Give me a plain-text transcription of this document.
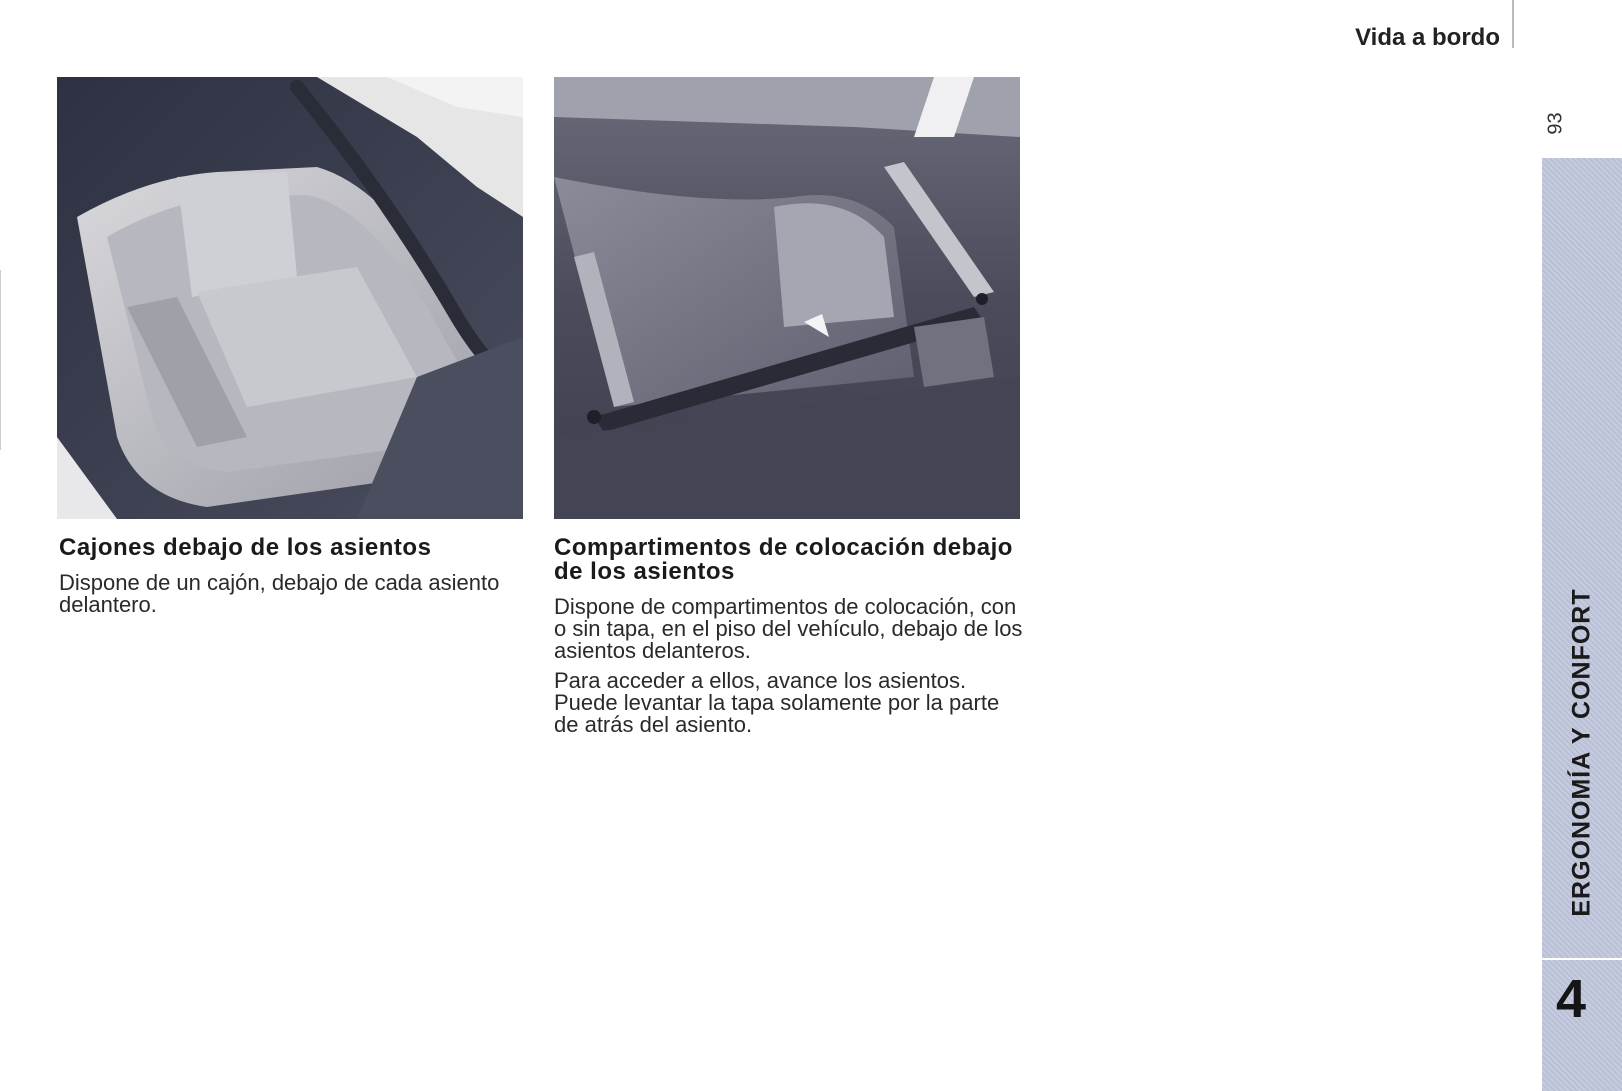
Vida a bordo
93
ERGONOMÍA Y CONFORT
4
Cajones debajo de los asientos

Dispone de un cajón, debajo de cada asiento delantero.

Compartimentos de colocación debajo de los asientos

Dispone de compartimentos de colocación, con o sin tapa, en el piso del vehículo, debajo de los asientos delanteros.

Para acceder a ellos, avance los asientos. Puede levantar la tapa solamente por la parte de atrás del asiento.
